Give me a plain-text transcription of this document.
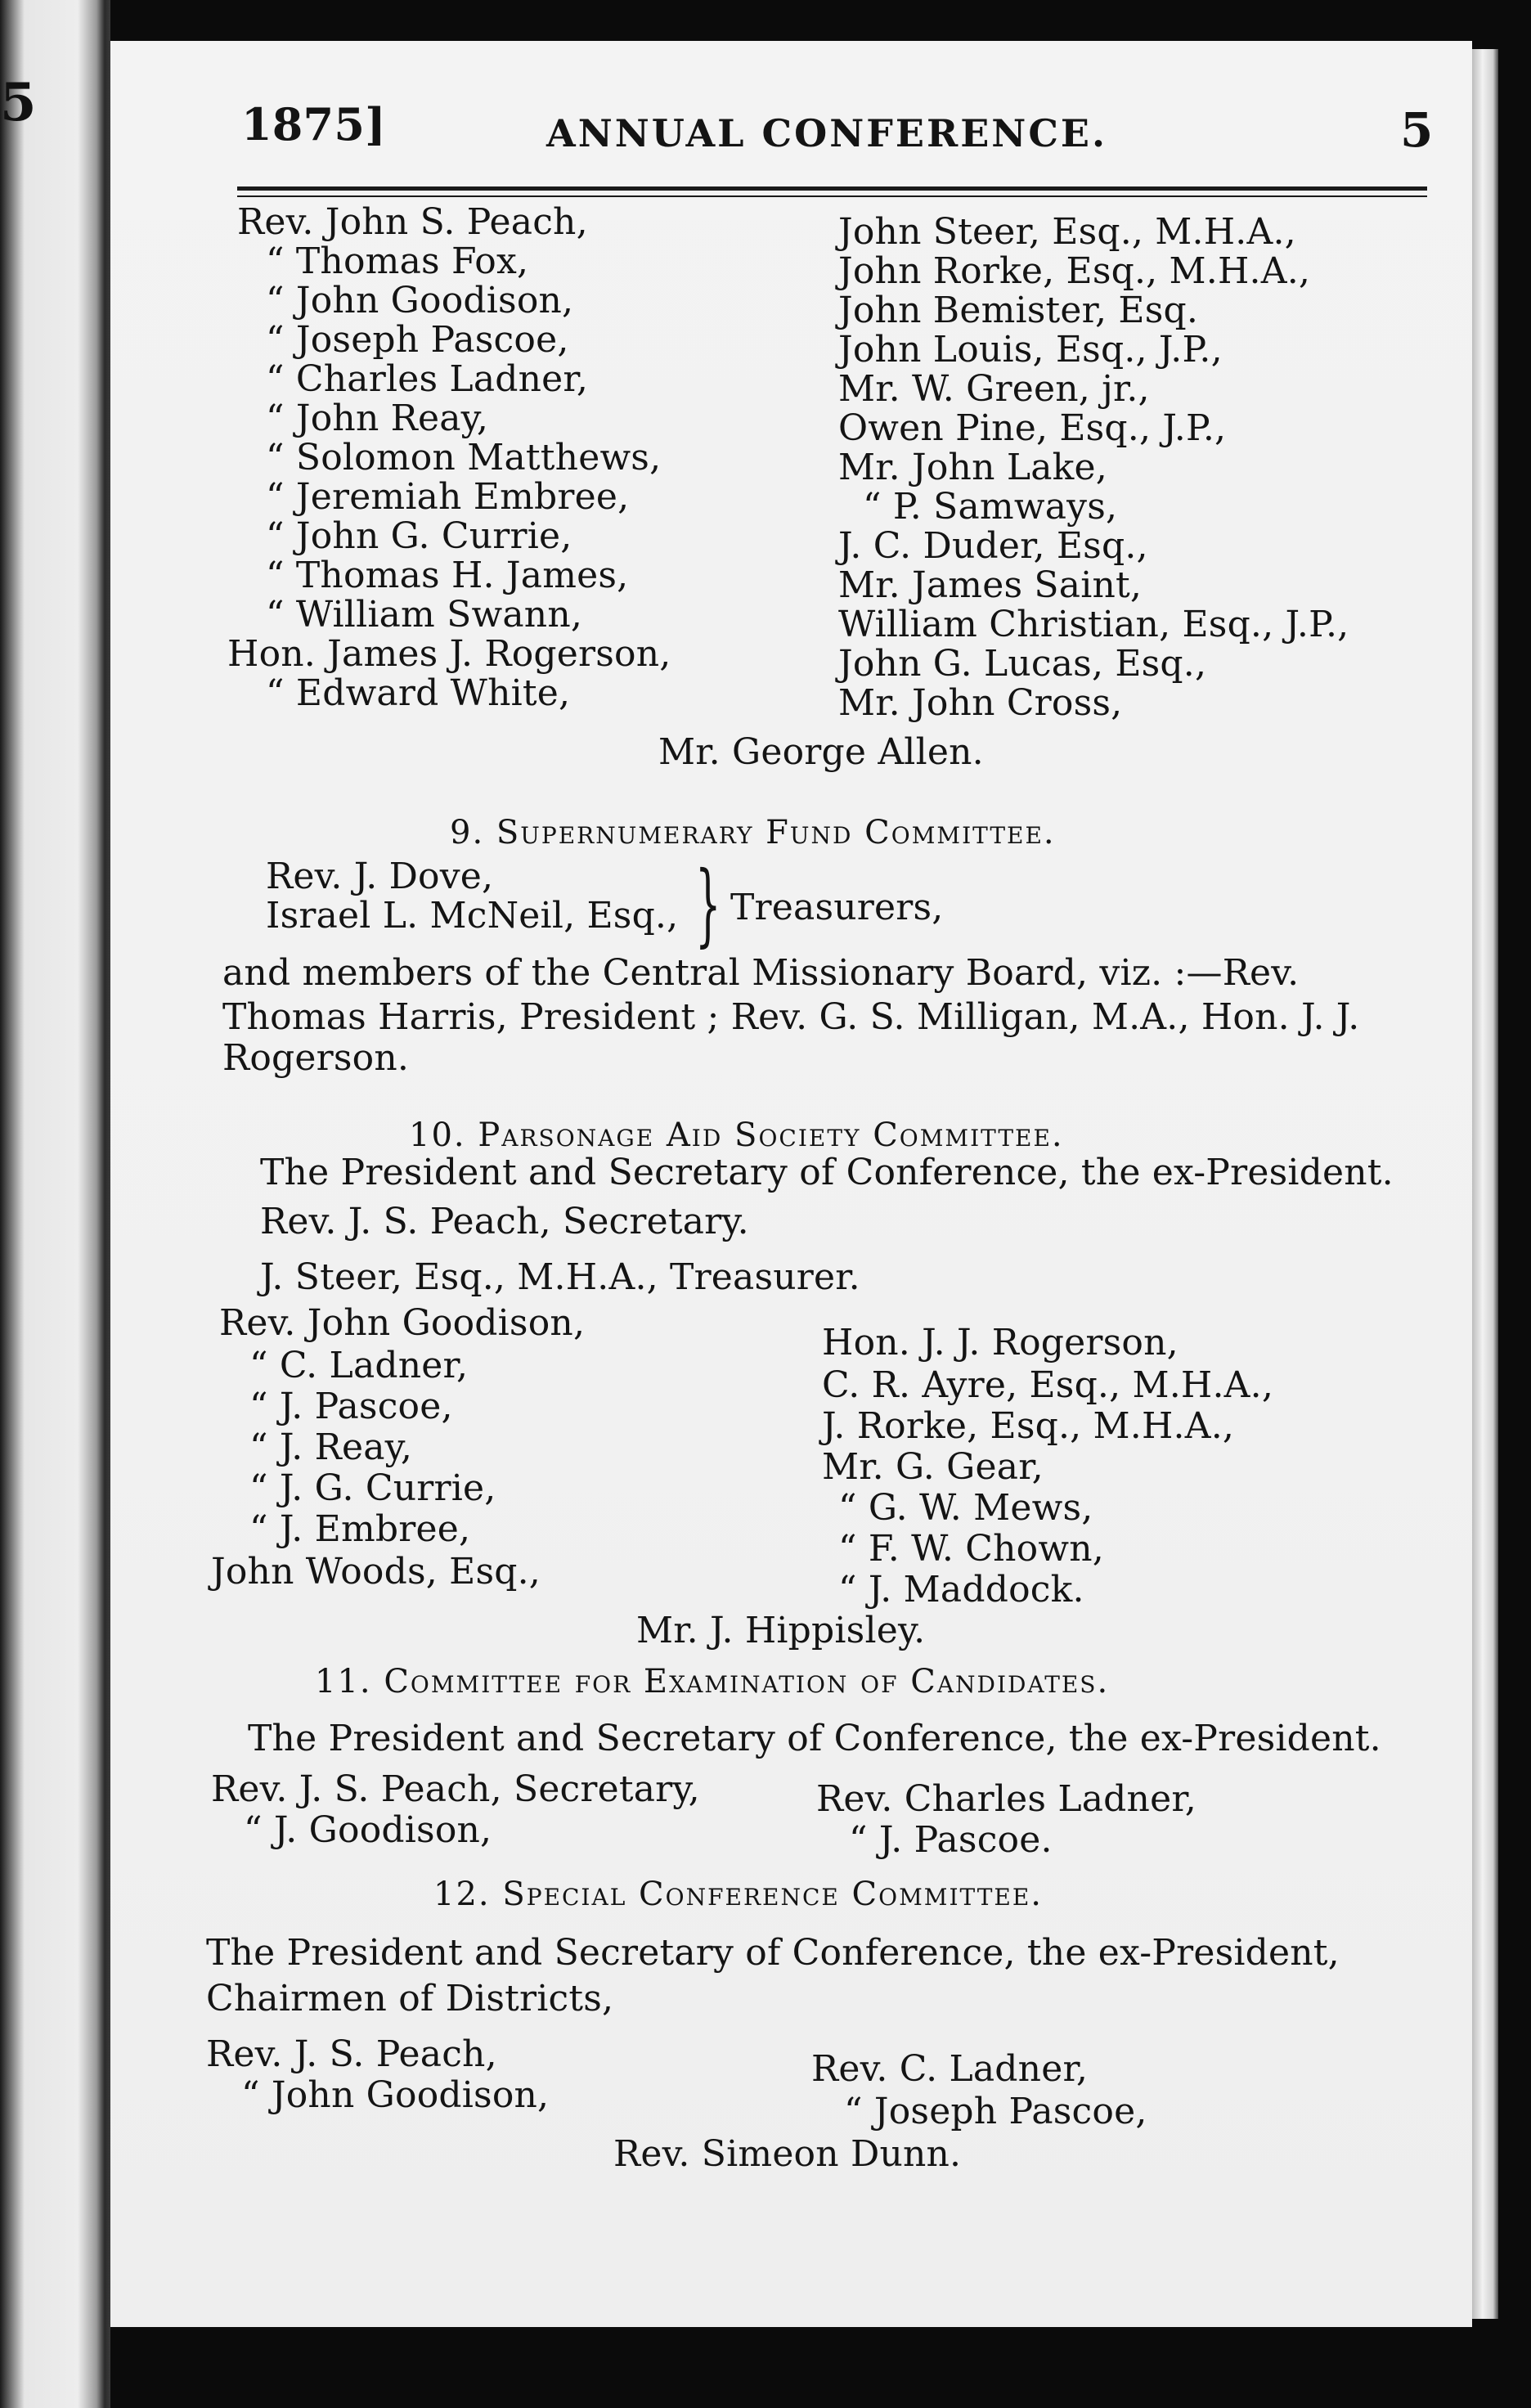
5	1875]	ANNUAL CONFERENCE.	5
Rev. John S. Peach,
“ Thomas Fox,
“ John Goodison,
“ Joseph Pascoe,
“ Charles Ladner,
“ John Reay,
“ Solomon Matthews,
“ Jeremiah Embree,
“ John G. Currie,
“ Thomas H. James,
“ William Swann,
Hon. James J. Rogerson,
“ Edward White,
John Steer, Esq., M.H.A.,
John Rorke, Esq., M.H.A.,
John Bemister, Esq.
John Louis, Esq., J.P.,
Mr. W. Green, jr.,
Owen Pine, Esq., J.P.,
Mr. John Lake,
“ P. Samways,
J. C. Duder, Esq.,
Mr. James Saint,
William Christian, Esq., J.P.,
John G. Lucas, Esq.,
Mr. John Cross,
Mr. George Allen.
9. Supernumerary Fund Committee.
Rev. J. Dove,
Israel L. McNeil, Esq., } Treasurers,
and members of the Central Missionary Board, viz. :—Rev.
Thomas Harris, President ; Rev. G. S. Milligan, M.A., Hon. J. J.
Rogerson.
10. Parsonage Aid Society Committee.
The President and Secretary of Conference, the ex-President.
Rev. J. S. Peach, Secretary.
J. Steer, Esq., M.H.A., Treasurer.
Rev. John Goodison,
“ C. Ladner,
“ J. Pascoe,
“ J. Reay,
“ J. G. Currie,
“ J. Embree,
John Woods, Esq.,
Hon. J. J. Rogerson,
C. R. Ayre, Esq., M.H.A.,
J. Rorke, Esq., M.H.A.,
Mr. G. Gear,
“ G. W. Mews,
“ F. W. Chown,
“ J. Maddock.
Mr. J. Hippisley.
11. Committee for Examination of Candidates.
The President and Secretary of Conference, the ex-President.
Rev. J. S. Peach, Secretary,
“ J. Goodison,
Rev. Charles Ladner,
“ J. Pascoe.
12. Special Conference Committee.
The President and Secretary of Conference, the ex-President,
Chairmen of Districts,
Rev. J. S. Peach,
“ John Goodison,
Rev. C. Ladner,
“ Joseph Pascoe,
Rev. Simeon Dunn.
